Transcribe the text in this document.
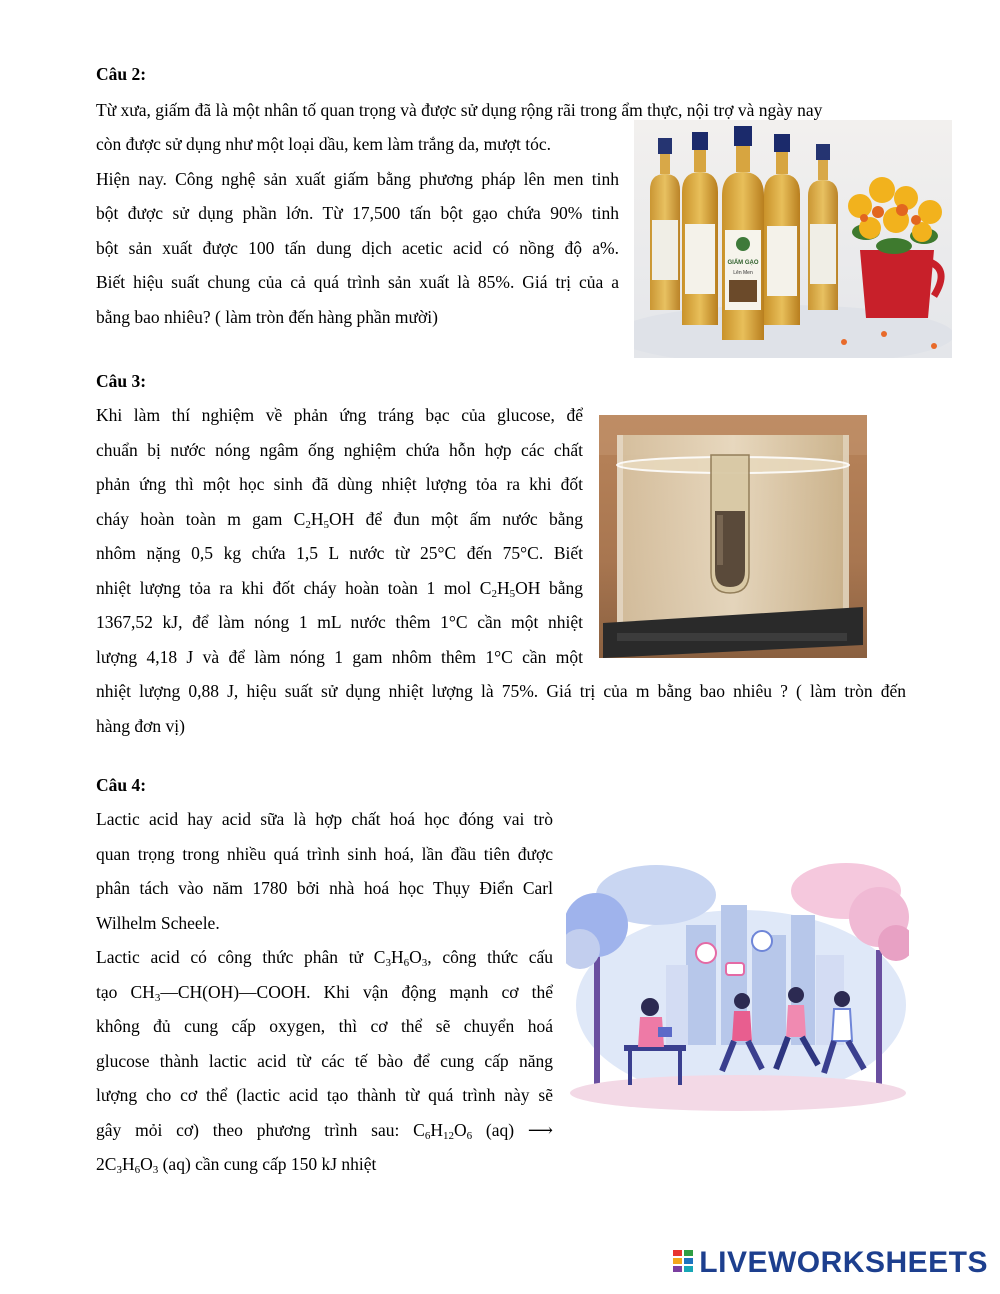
Câu 2:
Từ xưa, giấm đã là một nhân tố quan trọng và được sử dụng rộng rãi trong ẩm thực, nội trợ và ngày nay
còn được sử dụng như một loại dầu, kem làm trắng da, mượt tóc.
Hiện nay. Công nghệ sản xuất giấm bằng phương pháp lên men tinh
bột được sử dụng phần lớn. Từ 17,500 tấn bột gạo chứa 90% tinh
bột sản xuất được 100 tấn dung dịch acetic acid có nồng độ a%.
Biết hiệu suất chung của cả quá trình sản xuất là 85%. Giá trị của a
bằng bao nhiêu? ( làm tròn đến hàng phần mười)
GIẤM GẠO
Lên Men
Câu 3:
Khi làm thí nghiệm về phản ứng tráng bạc của glucose, để
chuẩn bị nước nóng ngâm ống nghiệm chứa hỗn hợp các chất
phản ứng thì một học sinh đã dùng nhiệt lượng tỏa ra khi đốt
cháy hoàn toàn m gam $C_2H_5OH$ để đun một ấm nước bằng
nhôm nặng 0,5 kg chứa 1,5 L nước từ 25°C đến 75°C. Biết
nhiệt lượng tỏa ra khi đốt cháy hoàn toàn 1 mol $C_2H_5OH$ bằng
1367,52 kJ, để làm nóng 1 mL nước thêm 1°C cần một nhiệt
lượng 4,18 J và để làm nóng 1 gam nhôm thêm 1°C cần một
nhiệt lượng 0,88 J, hiệu suất sử dụng nhiệt lượng là 75%. Giá trị của m bằng bao nhiêu ? ( làm tròn đến
hàng đơn vị)
Câu 4:
Lactic acid hay acid sữa là hợp chất hoá học đóng vai trò
quan trọng trong nhiều quá trình sinh hoá, lần đầu tiên được
phân tách vào năm 1780 bởi nhà hoá học Thụy Điển Carl
Wilhelm Scheele.
Lactic acid có công thức phân tử $C_3H_6O_3$, công thức cấu
tạo $CH_3—CH(OH)—COOH$. Khi vận động mạnh cơ thể
không đủ cung cấp oxygen, thì cơ thể sẽ chuyển hoá
glucose thành lactic acid từ các tế bào để cung cấp năng
lượng cho cơ thể (lactic acid tạo thành từ quá trình này sẽ
gây mỏi cơ) theo phương trình sau: $C_6H_{12}O_6$ (aq) ⟶
$2C_3H_6O_3$ (aq) cần cung cấp 150 kJ nhiệt
LIVEWORKSHEETS
